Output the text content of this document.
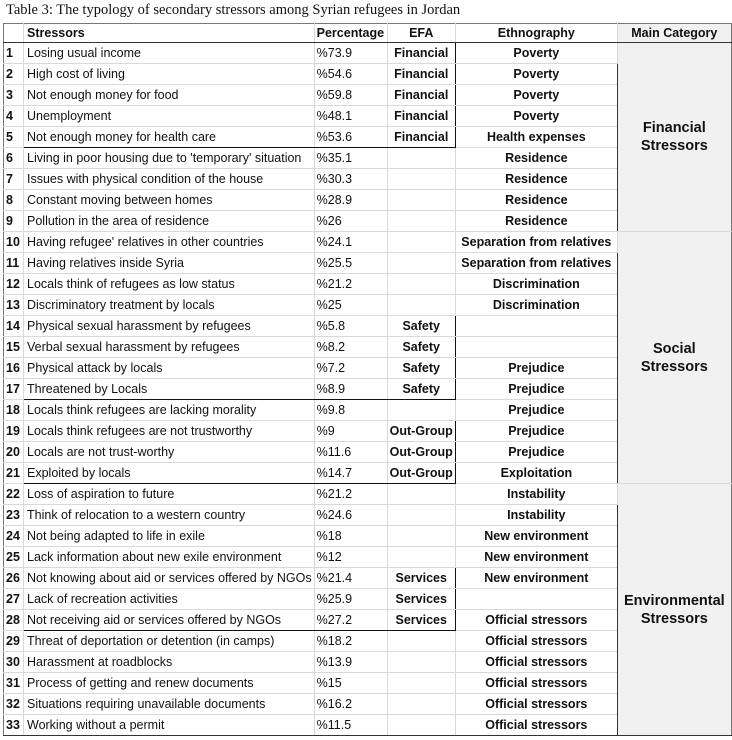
Table 3: The typology of secondary stressors among Syrian refugees in Jordan
	Stressors	Percentage	EFA	Ethnography	Main Category
1	Losing usual income	%73.9	Financial	Poverty	Financial
Stressors

2	High cost of living	%54.6	Financial	Poverty	
3	Not enough money for food	%59.8	Financial	Poverty	
4	Unemployment	%48.1	Financial	Poverty	
5	Not enough money for health care	%53.6	Financial	Health expenses	
6	Living in poor housing due to 'temporary' situation	%35.1		Residence	
7	Issues with physical condition of the house	%30.3		Residence	
8	Constant moving between homes	%28.9		Residence	
9	Pollution in the area of residence	%26		Residence	
10	Having refugee' relatives in other countries	%24.1		Separation from relatives	Social
Stressors

11	Having relatives inside Syria	%25.5		Separation from relatives	
12	Locals think of refugees as low status	%21.2		Discrimination	
13	Discriminatory treatment by locals	%25		Discrimination	
14	Physical sexual harassment by refugees	%5.8	Safety		
15	Verbal sexual harassment by refugees	%8.2	Safety		
16	Physical attack by locals	%7.2	Safety	Prejudice	
17	Threatened by Locals	%8.9	Safety	Prejudice	
18	Locals think refugees are lacking morality	%9.8		Prejudice	
19	Locals think refugees are not trustworthy	%9	Out-Group	Prejudice	
20	Locals are not trust-worthy	%11.6	Out-Group	Prejudice	
21	Exploited by locals	%14.7	Out-Group	Exploitation	
22	Loss of aspiration to future	%21.2		Instability	Environmental
Stressors

23	Think of relocation to a western country	%24.6		Instability	
24	Not being adapted to life in exile	%18		New environment	
25	Lack information about new exile environment	%12		New environment	
26	Not knowing about aid or services offered by NGOs	%21.4	Services	New environment	
27	Lack of recreation activities	%25.9	Services		
28	Not receiving aid or services offered by NGOs	%27.2	Services	Official stressors	
29	Threat of deportation or detention (in camps)	%18.2		Official stressors	
30	Harassment at roadblocks	%13.9		Official stressors	
31	Process of getting and renew documents	%15		Official stressors	
32	Situations requiring unavailable documents	%16.2		Official stressors	
33	Working without a permit	%11.5		Official stressors	
